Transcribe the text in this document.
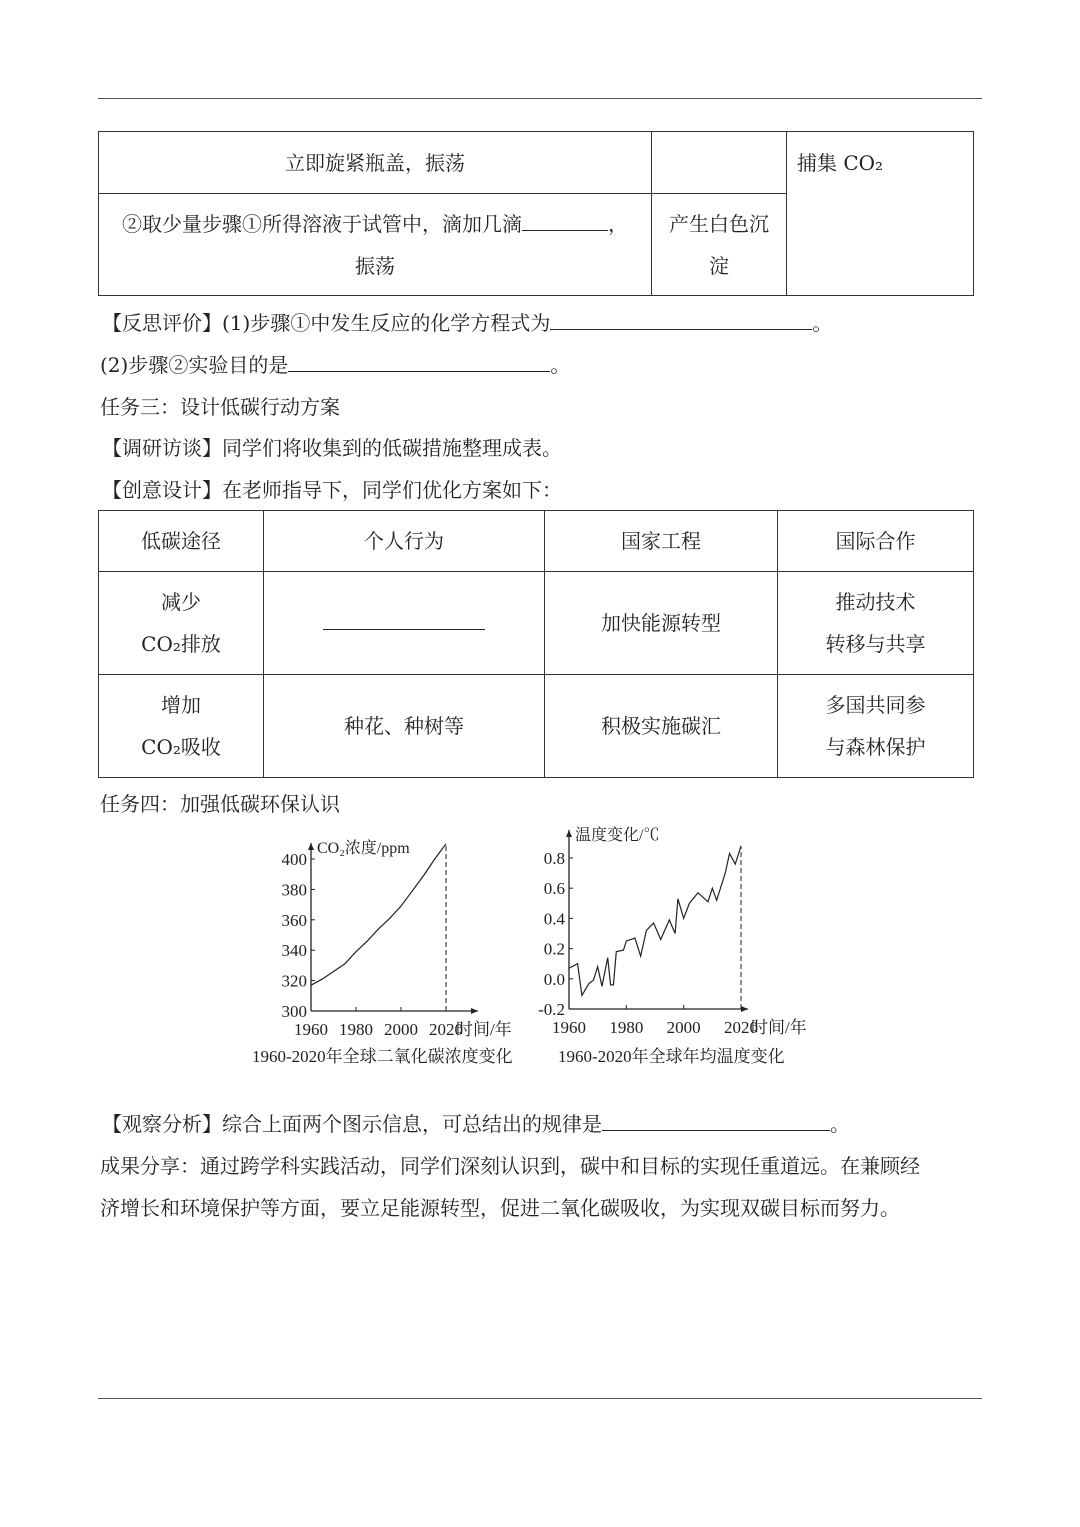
立即旋紧瓶盖，振荡		捕集 CO₂
②取少量步骤①所得溶液于试管中，滴加几滴 ，
振荡	产生白色沉
淀	
【反思评价】(1)步骤①中发生反应的化学方程式为	。
(2)步骤②实验目的是	。
任务三：设计低碳行动方案
【调研访谈】同学们将收集到的低碳措施整理成表。
【创意设计】在老师指导下，同学们优化方案如下：
低碳途径	个人行为	国家工程	国际合作
减少
CO₂排放		加快能源转型	推动技术
转移与共享
增加
CO₂吸收	种花、种树等	积极实施碳汇	多国共同参
与森林保护
任务四：加强低碳环保认识
300
320
340
360
380
400
1960 1980 2000 2020
时间/年
CO₂浓度/ppm
1960-2020年全球二氧化碳浓度变化
-0.2
0.0
0.2
0.4
0.6
0.8
1960 1980 2000 2020
时间/年
温度变化/℃
1960-2020年全球年均温度变化
【观察分析】综合上面两个图示信息，可总结出的规律是	。
成果分享：通过跨学科实践活动，同学们深刻认识到，碳中和目标的实现任重道远。在兼顾经
济增长和环境保护等方面，要立足能源转型，促进二氧化碳吸收，为实现双碳目标而努力。
